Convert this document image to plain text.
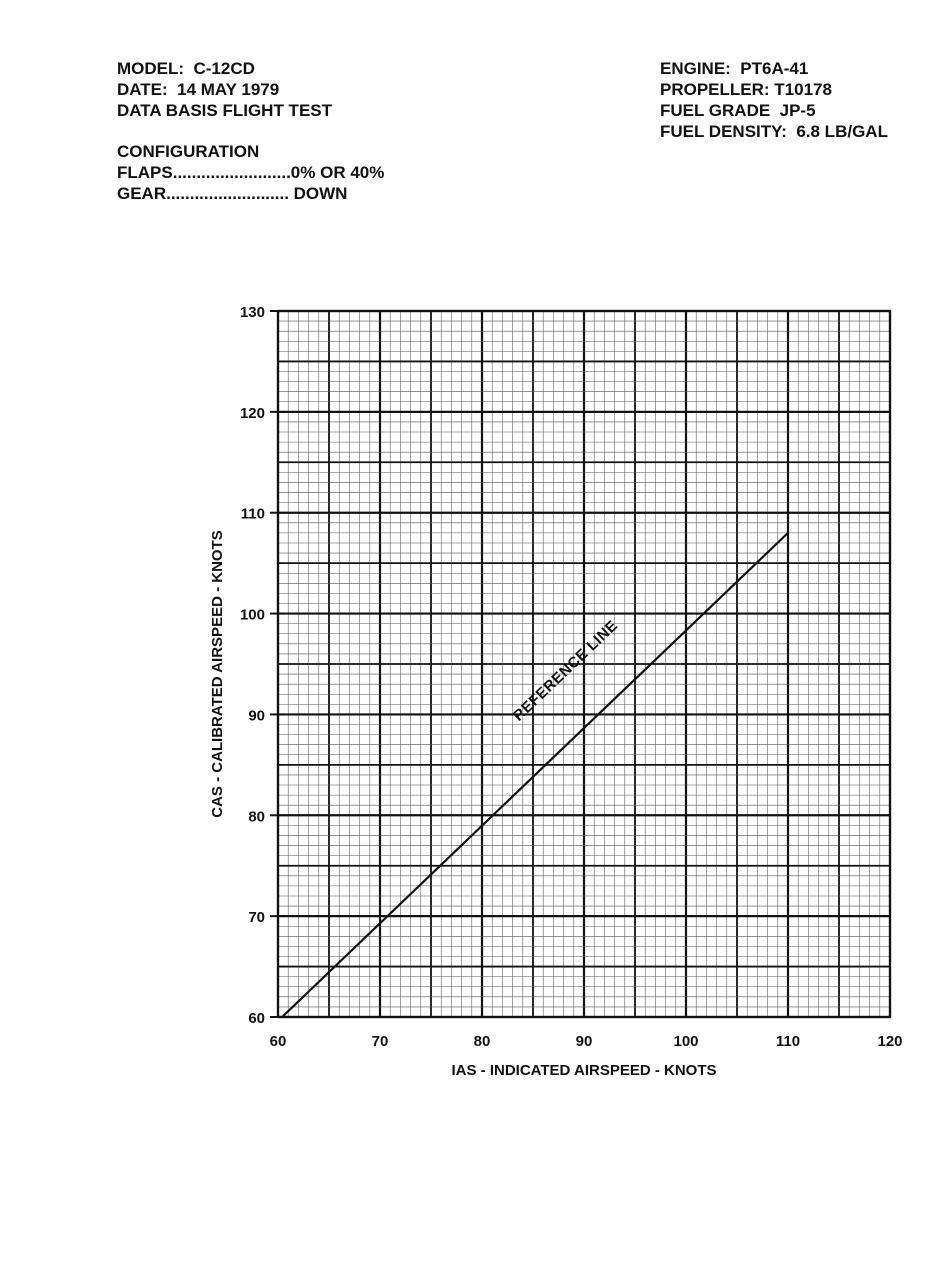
MODEL:  C-12CD
DATE:  14 MAY 1979
DATA BASIS FLIGHT TEST
CONFIGURATION
FLAPS.........................0% OR 40%
GEAR.......................... DOWN
ENGINE:  PT6A-41
PROPELLER: T10178
FUEL GRADE  JP-5
FUEL DENSITY:  6.8 LB/GAL
60	70	80	90	100	110	120
60
70
80
90
100
110
120
130
REFERENCE LINE
IAS - INDICATED AIRSPEED - KNOTS
CAS - CALIBRATED AIRSPEED - KNOTS
